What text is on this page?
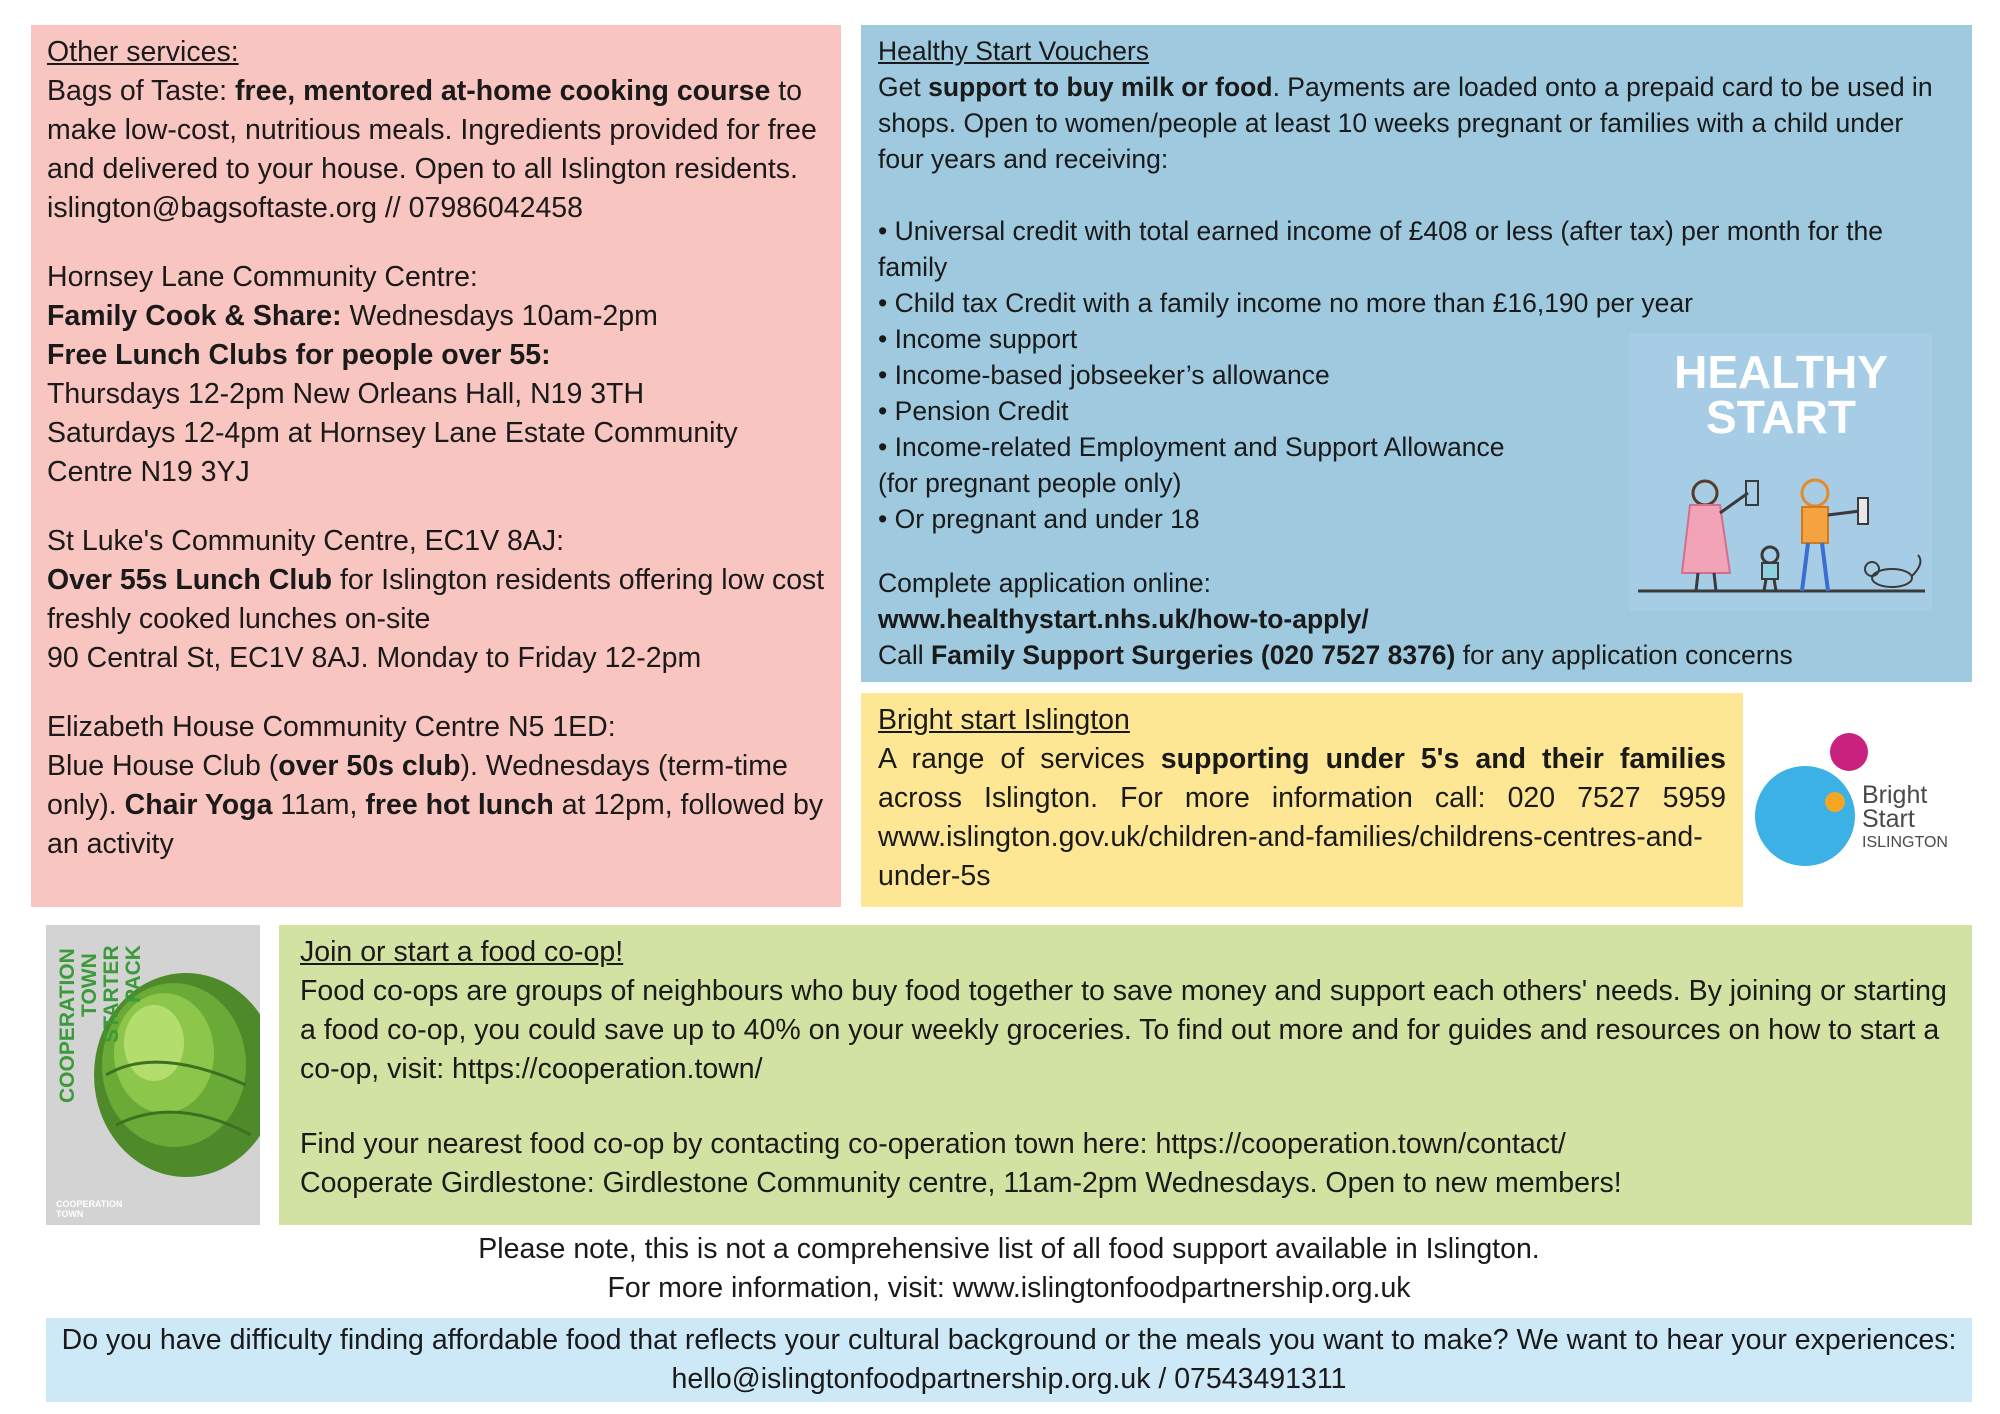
Other services:

Bags of Taste: free, mentored at-home cooking course to make low-cost, nutritious meals. Ingredients provided for free and delivered to your house. Open to all Islington residents.

islington@bagsoftaste.org // 07986042458

Hornsey Lane Community Centre:

Family Cook & Share: Wednesdays 10am-2pm

Free Lunch Clubs for people over 55:

Thursdays 12-2pm New Orleans Hall, N19 3TH

Saturdays 12-4pm at Hornsey Lane Estate Community Centre N19 3YJ

St Luke's Community Centre, EC1V 8AJ:

Over 55s Lunch Club for Islington residents offering low cost freshly cooked lunches on-site

90 Central St, EC1V 8AJ. Monday to Friday 12-2pm

Elizabeth House Community Centre N5 1ED:

Blue House Club (over 50s club). Wednesdays (term-time only). Chair Yoga 11am, free hot lunch at 12pm, followed by an activity

Healthy Start Vouchers

Get support to buy milk or food. Payments are loaded onto a prepaid card to be used in shops. Open to women/people at least 10 weeks pregnant or families with a child under four years and receiving:

• Universal credit with total earned income of £408 or less (after tax) per month for the family
• Child tax Credit with a family income no more than £16,190 per year
• Income support
• Income-based jobseeker’s allowance
• Pension Credit
• Income-related Employment and Support Allowance
(for pregnant people only)
• Or pregnant and under 18

Complete application online:

www.healthystart.nhs.uk/how-to-apply/

Call Family Support Surgeries (020 7527 8376) for any application concerns

HEALTHY
START

Bright start Islington

A range of services supporting under 5's and their families

across Islington. For more information call: 020 7527 5959

www.islington.gov.uk/children-and-families/childrens-centres-and-under-5s

Bright
Start
ISLINGTON
COOPERATION TOWN STARTER PACK
COOPERATION
TOWN

Join or start a food co-op!

Food co-ops are groups of neighbours who buy food together to save money and support each others' needs. By joining or starting a food co-op, you could save up to 40% on your weekly groceries. To find out more and for guides and resources on how to start a co-op, visit: https://cooperation.town/

Find your nearest food co-op by contacting co-operation town here: https://cooperation.town/contact/

Cooperate Girdlestone: Girdlestone Community centre, 11am-2pm Wednesdays. Open to new members!

Please note, this is not a comprehensive list of all food support available in Islington.

For more information, visit: www.islingtonfoodpartnership.org.uk

Do you have difficulty finding affordable food that reflects your cultural background or the meals you want to make? We want to hear your experiences: hello@islingtonfoodpartnership.org.uk / 07543491311
